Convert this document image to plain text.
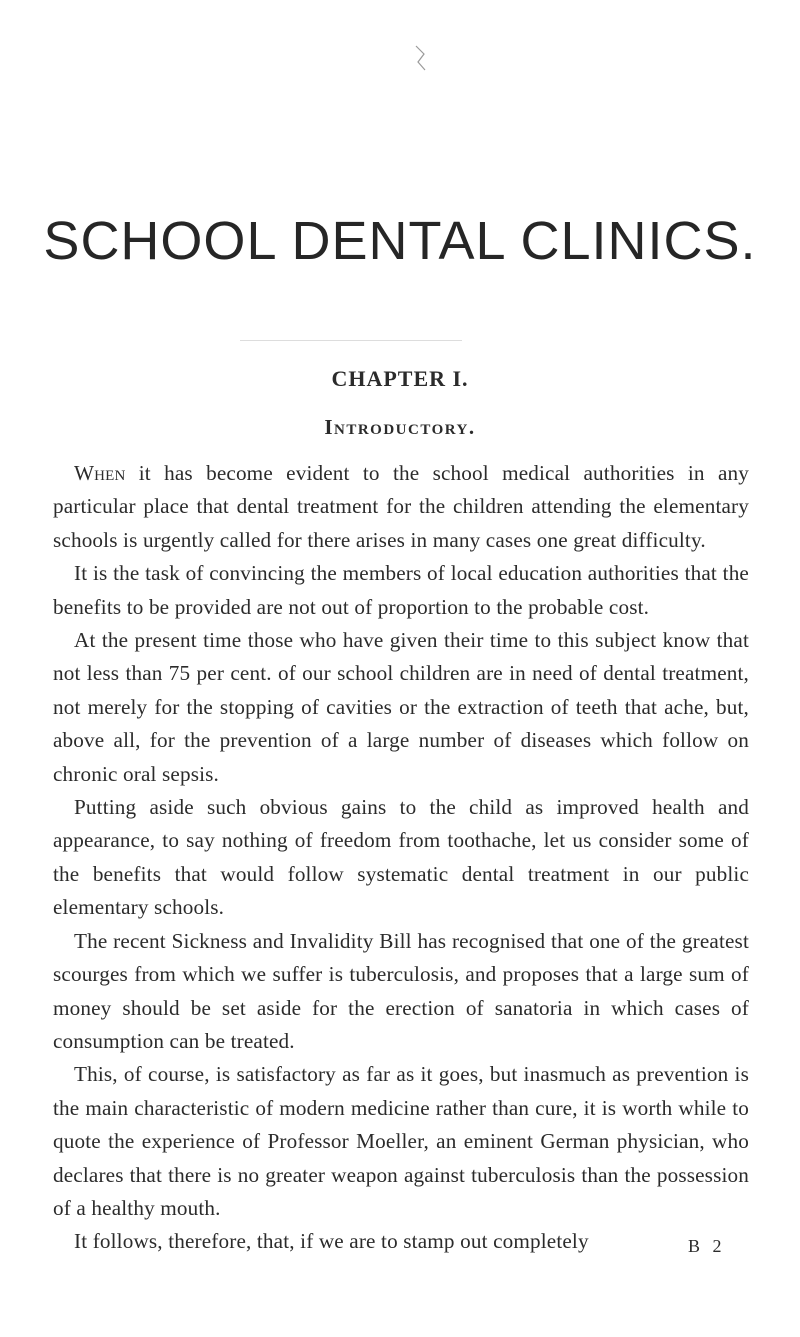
SCHOOL DENTAL CLINICS.
CHAPTER I.
Introductory.

When it has become evident to the school medical authorities in any particular place that dental treatment for the children attending the elementary schools is urgently called for there arises in many cases one great difficulty.

It is the task of convincing the members of local education authorities that the benefits to be provided are not out of proportion to the probable cost.

At the present time those who have given their time to this subject know that not less than 75 per cent. of our school children are in need of dental treatment, not merely for the stopping of cavities or the extraction of teeth that ache, but, above all, for the prevention of a large number of diseases which follow on chronic oral sepsis.

Putting aside such obvious gains to the child as improved health and appearance, to say nothing of freedom from toothache, let us consider some of the benefits that would follow systematic dental treatment in our public elementary schools.

The recent Sickness and Invalidity Bill has recognised that one of the greatest scourges from which we suffer is tuberculosis, and proposes that a large sum of money should be set aside for the erection of sanatoria in which cases of consumption can be treated.

This, of course, is satisfactory as far as it goes, but inasmuch as prevention is the main characteristic of modern medicine rather than cure, it is worth while to quote the experience of Professor Moeller, an eminent German physician, who declares that there is no greater weapon against tuberculosis than the possession of a healthy mouth.

It follows, therefore, that, if we are to stamp out completely	B 2
